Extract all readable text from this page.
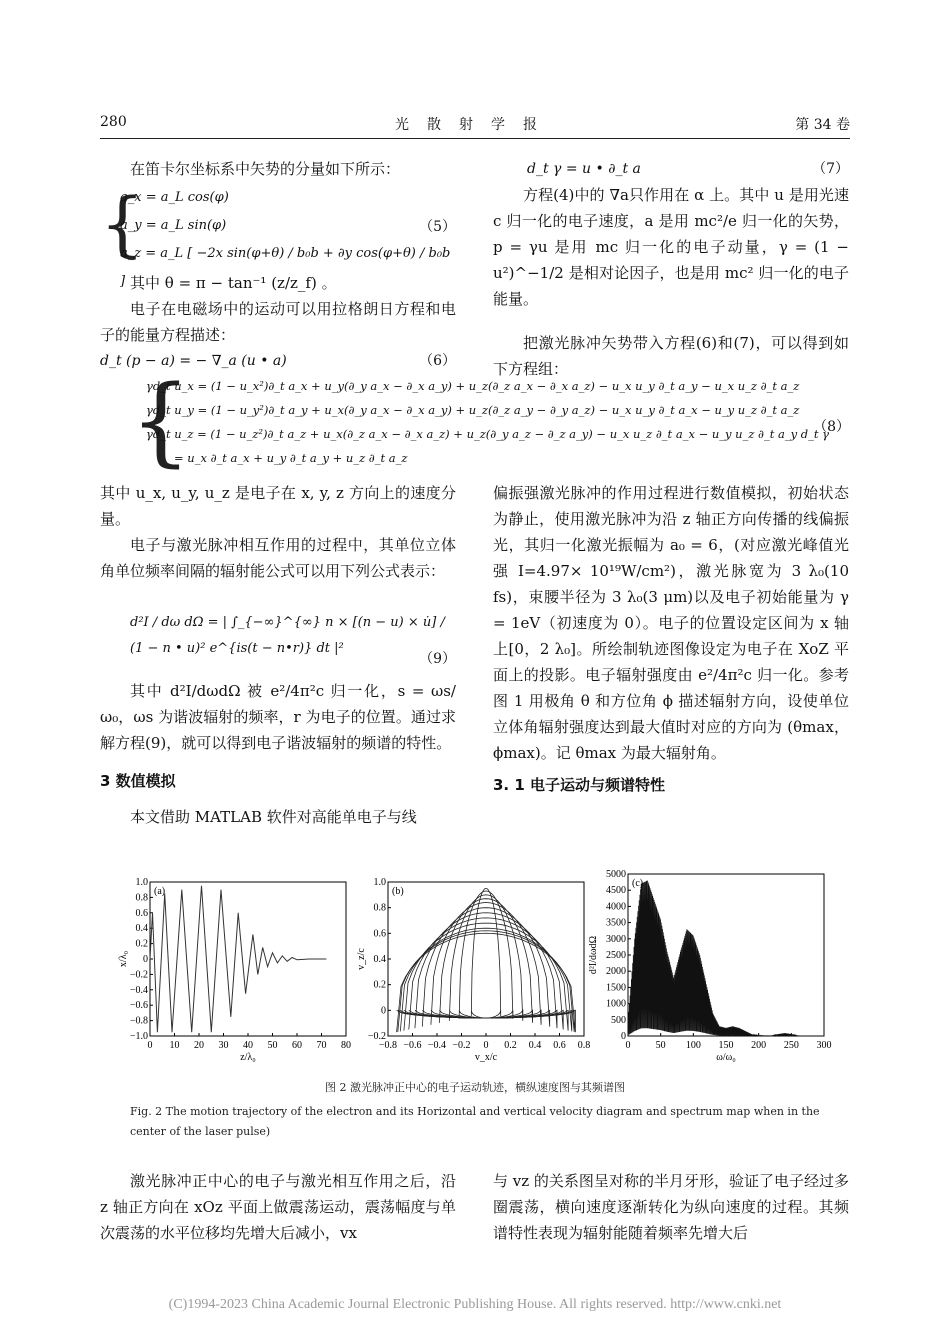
280	光散射学报	第 34 卷

在笛卡尔坐标系中矢势的分量如下所示：

{
a_x = a_L cos(φ)
a_y = a_L sin(φ)
a_z = a_L [ −2x sin(φ+θ) / b₀b + ∂y cos(φ+θ) / b₀b ]
（5）

其中 θ = π − tan⁻¹ (z/z_f) 。

电子在电磁场中的运动可以用拉格朗日方程和电子的能量方程描述：

d_t (p − a) = − ∇_a (u • a)	（6）
d_t γ = u • ∂_t a	（7）

方程(4)中的 ∇a只作用在 α 上。其中 u 是用光速 c 归一化的电子速度，a 是用 mc²/e 归一化的矢势，p = γu 是用 mc 归一化的电子动量，γ = (1 − u²)^−1/2 是相对论因子，也是用 mc² 归一化的电子能量。

把激光脉冲矢势带入方程(6)和(7)，可以得到如下方程组：

{
γd_t u_x = (1 − u_x²)∂_t a_x + u_y(∂_y a_x − ∂_x a_y) + u_z(∂_z a_x − ∂_x a_z) − u_x u_y ∂_t a_y − u_x u_z ∂_t a_z
γd_t u_y = (1 − u_y²)∂_t a_y + u_x(∂_y a_x − ∂_x a_y) + u_z(∂_z a_y − ∂_y a_z) − u_x u_y ∂_t a_x − u_y u_z ∂_t a_z
γd_t u_z = (1 − u_z²)∂_t a_z + u_x(∂_z a_x − ∂_x a_z) + u_z(∂_y a_z − ∂_z a_y) − u_x u_z ∂_t a_x − u_y u_z ∂_t a_y d_t γ
= u_x ∂_t a_x + u_y ∂_t a_y + u_z ∂_t a_z
（8）

其中 u_x, u_y, u_z 是电子在 x, y, z 方向上的速度分量。

电子与激光脉冲相互作用的过程中，其单位立体角单位频率间隔的辐射能公式可以用下列公式表示：

d²I / dω dΩ = | ∫_{−∞}^{∞} n × [(n − u) × u̇] / (1 − n • u)² e^{is(t − n•r)} dt |²
（9）

其中 d²I/dωdΩ 被 e²/4π²c 归一化，s = ωs/ω₀，ωs 为谐波辐射的频率，r 为电子的位置。通过求解方程(9)，就可以得到电子谐波辐射的频谱的特性。

3 数值模拟

本文借助 MATLAB 软件对高能单电子与线

偏振强激光脉冲的作用过程进行数值模拟，初始状态为静止，使用激光脉冲为沿 z 轴正方向传播的线偏振光，其归一化激光振幅为 a₀ = 6，(对应激光峰值光强 I=4.97× 10¹⁹W/cm²)，激光脉宽为 3 λ₀(10 fs)，束腰半径为 3 λ₀(3 μm)以及电子初始能量为 γ = 1eV（初速度为 0）。电子的位置设定区间为 x 轴上[0，2 λ₀]。所绘制轨迹图像设定为电子在 XoZ 平面上的投影。电子辐射强度由 e²/4π²c 归一化。参考图 1 用极角 θ 和方位角 ϕ 描述辐射方向，设使单位立体角辐射强度达到最大值时对应的方向为 (θmax，ϕmax)。记 θmax 为最大辐射角。

3. 1 电子运动与频谱特性
0 10 20 30 40 50 60 70 80
−1.0
−0.8
−0.6
−0.4
−0.2
0
0.2
0.4
0.6
0.8
1.0
z/λ₀
x/λ₀
(a)
−0.8 −0.6 −0.4 −0.2 0 0.2 0.4 0.6 0.8
−0.2
0
0.2
0.4
0.6
0.8
1.0
v_x/c
v_z/c
(b)
0	50 100 150 200 250 300
0
500
1000
1500
2000
2500
3000
3500
4000
4500
5000
ω/ω₀
d²I/dωdΩ
(c)
图 2 激光脉冲正中心的电子运动轨迹，横纵速度图与其频谱图
Fig. 2 The motion trajectory of the electron and its Horizontal and vertical velocity diagram and spectrum map when in the center of the laser pulse)

激光脉冲正中心的电子与激光相互作用之后，沿 z 轴正方向在 xOz 平面上做震荡运动，震荡幅度与单次震荡的水平位移均先增大后减小，vx

与 vz 的关系图呈对称的半月牙形，验证了电子经过多圈震荡，横向速度逐渐转化为纵向速度的过程。其频谱特性表现为辐射能随着频率先增大后

(C)1994-2023 China Academic Journal Electronic Publishing House. All rights reserved. http://www.cnki.net
